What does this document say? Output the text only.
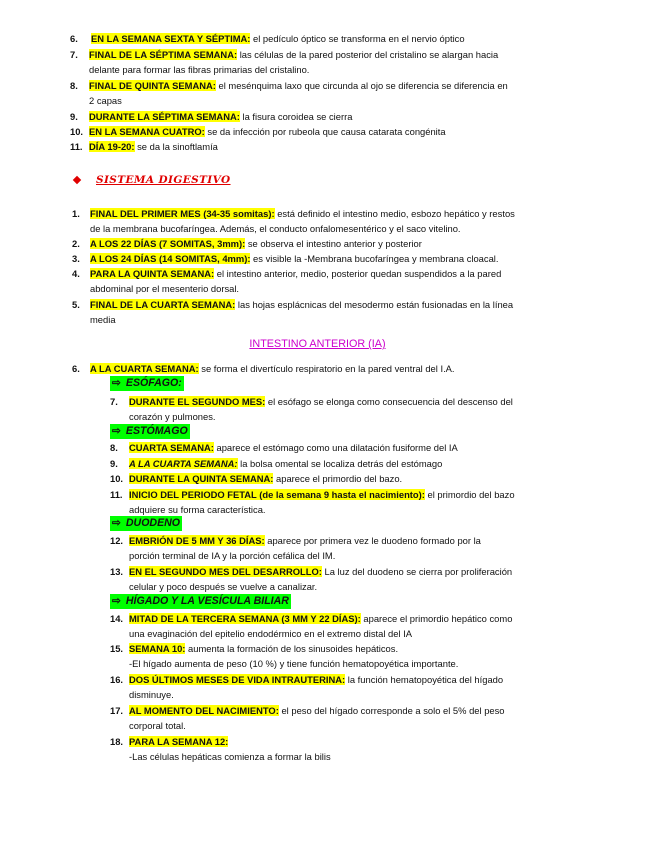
6.	EN LA SEMANA SEXTA Y SÉPTIMA: el pedículo óptico se transforma en el nervio óptico
7.	FINAL DE LA SÉPTIMA SEMANA: las células de la pared posterior del cristalino se alargan hacia
delante para formar las fibras primarias del cristalino.
8.	FINAL DE QUINTA SEMANA: el mesénquima laxo que circunda al ojo se diferencia se diferencia en
2 capas
9.	DURANTE LA SÉPTIMA SEMANA: la fisura coroidea se cierra
10. EN LA SEMANA CUATRO: se da infección por rubeola que causa catarata congénita
11. DÍA 19-20: se da la sinoftlamía
SISTEMA DIGESTIVO
1.	FINAL DEL PRIMER MES (34-35 somitas): está definido el intestino medio, esbozo hepático y restos
de la membrana bucofaríngea. Además, el conducto onfalomesentérico y el saco vitelino.
2.	A LOS 22 DÍAS (7 SOMITAS, 3mm): se observa el intestino anterior y posterior
3.	A LOS 24 DÍAS (14 SOMITAS, 4mm): es visible la -Membrana bucofaríngea y membrana cloacal.
4.	PARA LA QUINTA SEMANA: el intestino anterior, medio, posterior quedan suspendidos a la pared
abdominal por el mesenterio dorsal.
5.	FINAL DE LA CUARTA SEMANA: las hojas esplácnicas del mesodermo están fusionadas en la línea
media
INTESTINO ANTERIOR (IA)
6.	A LA CUARTA SEMANA: se forma el divertículo respiratorio en la pared ventral del I.A.
⇨ ESÓFAGO:
7.	DURANTE EL SEGUNDO MES: el esófago se elonga como consecuencia del descenso del
corazón y pulmones.
⇨ ESTÓMAGO
8.	CUARTA SEMANA: aparece el estómago como una dilatación fusiforme del IA
9.	A LA CUARTA SEMANA: la bolsa omental se localiza detrás del estómago
10. DURANTE LA QUINTA SEMANA: aparece el primordio del bazo.
11. INICIO DEL PERIODO FETAL (de la semana 9 hasta el nacimiento): el primordio del bazo
adquiere su forma característica.
⇨ DUODENO
12. EMBRIÓN DE 5 MM Y 36 DÍAS: aparece por primera vez le duodeno formado por la
porción terminal de IA y la porción cefálica del IM.
13. EN EL SEGUNDO MES DEL DESARROLLO: La luz del duodeno se cierra por proliferación
celular y poco después se vuelve a canalizar.
⇨ HÍGADO Y LA VESÍCULA BILIAR
14. MITAD DE LA TERCERA SEMANA (3 MM Y 22 DÍAS): aparece el primordio hepático como
una evaginación del epitelio endodérmico en el extremo distal del IA
15. SEMANA 10: aumenta la formación de los sinusoides hepáticos.
-El hígado aumenta de peso (10 %) y tiene función hematopoyética importante.
16. DOS ÚLTIMOS MESES DE VIDA INTRAUTERINA: la función hematopoyética del hígado
disminuye.
17. AL MOMENTO DEL NACIMIENTO: el peso del hígado corresponde a solo el 5% del peso
corporal total.
18. PARA LA SEMANA 12:
-Las células hepáticas comienza a formar la bilis
